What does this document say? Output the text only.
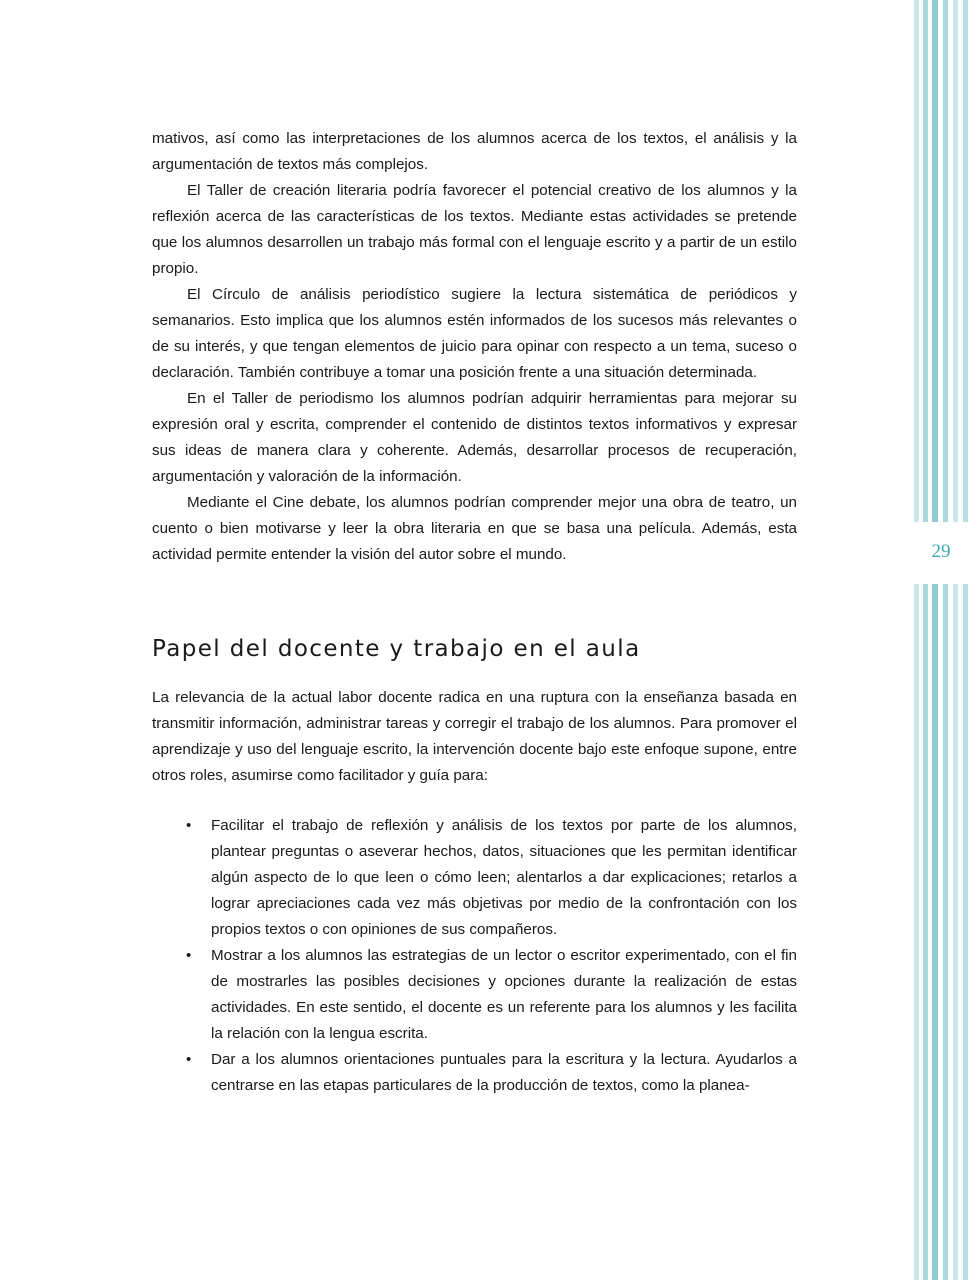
29

mativos, así como las interpretaciones de los alumnos acerca de los textos, el análisis y la argumentación de textos más complejos.

El Taller de creación literaria podría favorecer el potencial creativo de los alumnos y la reflexión acerca de las características de los textos. Mediante estas actividades se pretende que los alumnos desarrollen un trabajo más formal con el lenguaje escrito y a partir de un estilo propio.

El Círculo de análisis periodístico sugiere la lectura sistemática de periódicos y semanarios. Esto implica que los alumnos estén informados de los sucesos más relevantes o de su interés, y que tengan elementos de juicio para opinar con respecto a un tema, suceso o declaración. También contribuye a tomar una posición frente a una situación determinada.

En el Taller de periodismo los alumnos podrían adquirir herramientas para mejorar su expresión oral y escrita, comprender el contenido de distintos textos informativos y expresar sus ideas de manera clara y coherente. Además, desarrollar procesos de recuperación, argumentación y valoración de la información.

Mediante el Cine debate, los alumnos podrían comprender mejor una obra de teatro, un cuento o bien motivarse y leer la obra literaria en que se basa una película. Además, esta actividad permite entender la visión del autor sobre el mundo.

Papel del docente y trabajo en el aula

La relevancia de la actual labor docente radica en una ruptura con la enseñanza basada en transmitir información, administrar tareas y corregir el trabajo de los alumnos. Para promover el aprendizaje y uso del lenguaje escrito, la intervención docente bajo este enfoque supone, entre otros roles, asumirse como facilitador y guía para:

• Facilitar el trabajo de reflexión y análisis de los textos por parte de los alumnos, plantear preguntas o aseverar hechos, datos, situaciones que les permitan identificar algún aspecto de lo que leen o cómo leen; alentarlos a dar explicaciones; retarlos a lograr apreciaciones cada vez más objetivas por medio de la confrontación con los propios textos o con opiniones de sus compañeros.

• Mostrar a los alumnos las estrategias de un lector o escritor experimentado, con el fin de mostrarles las posibles decisiones y opciones durante la realización de estas actividades. En este sentido, el docente es un referente para los alumnos y les facilita la relación con la lengua escrita.

• Dar a los alumnos orientaciones puntuales para la escritura y la lectura. Ayudarlos a centrarse en las etapas particulares de la producción de textos, como la planea-
